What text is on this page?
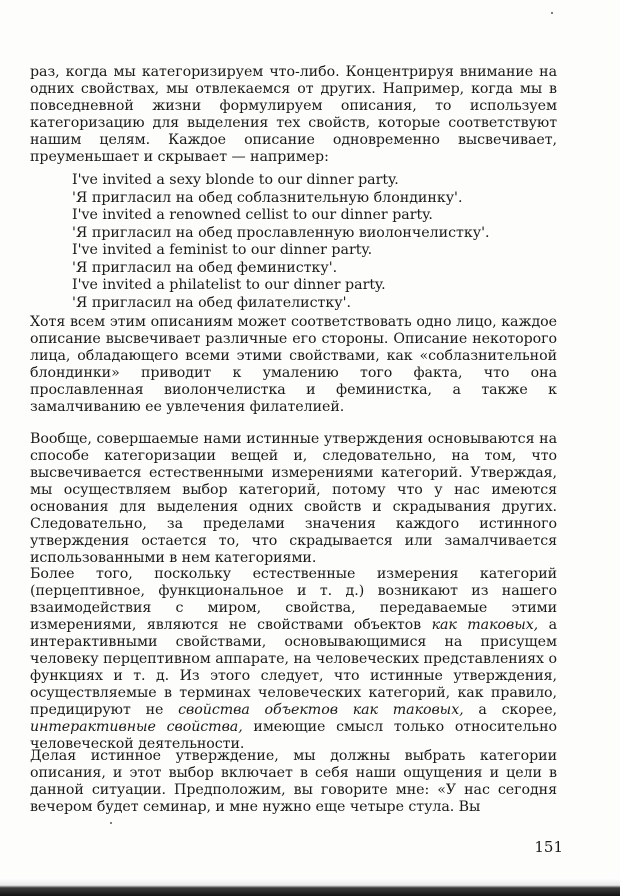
раз, когда мы категоризируем что-либо. Концентрируя внимание на одних свойствах, мы отвлекаемся от других. Например, когда мы в повседневной жизни формулируем описания, то используем категоризацию для выделения тех свойств, которые соответствуют нашим целям. Каждое описание одновременно высвечивает, преуменьшает и скрывает — например:

I've invited a sexy blonde to our dinner party.
'Я пригласил на обед соблазнительную блондинку'.
I've invited a renowned cellist to our dinner party.
'Я пригласил на обед прославленную виолончелистку'.
I've invited a feminist to our dinner party.
'Я пригласил на обед феминистку'.
I've invited a philatelist to our dinner party.
'Я пригласил на обед филателистку'.

Хотя всем этим описаниям может соответствовать одно лицо, каждое описание высвечивает различные его стороны. Описание некоторого лица, обладающего всеми этими свойствами, как «соблазнительной блондинки» приводит к умалению того факта, что она прославленная виолончелистка и феминистка, а также к замалчиванию ее увлечения филателией.

Вообще, совершаемые нами истинные утверждения основываются на способе категоризации вещей и, следовательно, на том, что высвечивается естественными измерениями категорий. Утверждая, мы осуществляем выбор категорий, потому что у нас имеются основания для выделения одних свойств и скрадывания других. Следовательно, за пределами значения каждого истинного утверждения остается то, что скрадывается или замалчивается использованными в нем категориями.

Более того, поскольку естественные измерения категорий (перцептивное, функциональное и т. д.) возникают из нашего взаимодействия с миром, свойства, передаваемые этими измерениями, являются не свойствами объектов как таковых, а интерактивными свойствами, основывающимися на присущем человеку перцептивном аппарате, на человеческих представлениях о функциях и т. д. Из этого следует, что истинные утверждения, осуществляемые в терминах человеческих категорий, как правило, предицируют не свойства объектов как таковых, а скорее, интерактивные свойства, имеющие смысл только относительно человеческой деятельности.

Делая истинное утверждение, мы должны выбрать категории описания, и этот выбор включает в себя наши ощущения и цели в данной ситуации. Предположим, вы говорите мне: «У нас сегодня вечером будет семинар, и мне нужно еще четыре стула. Вы

151
